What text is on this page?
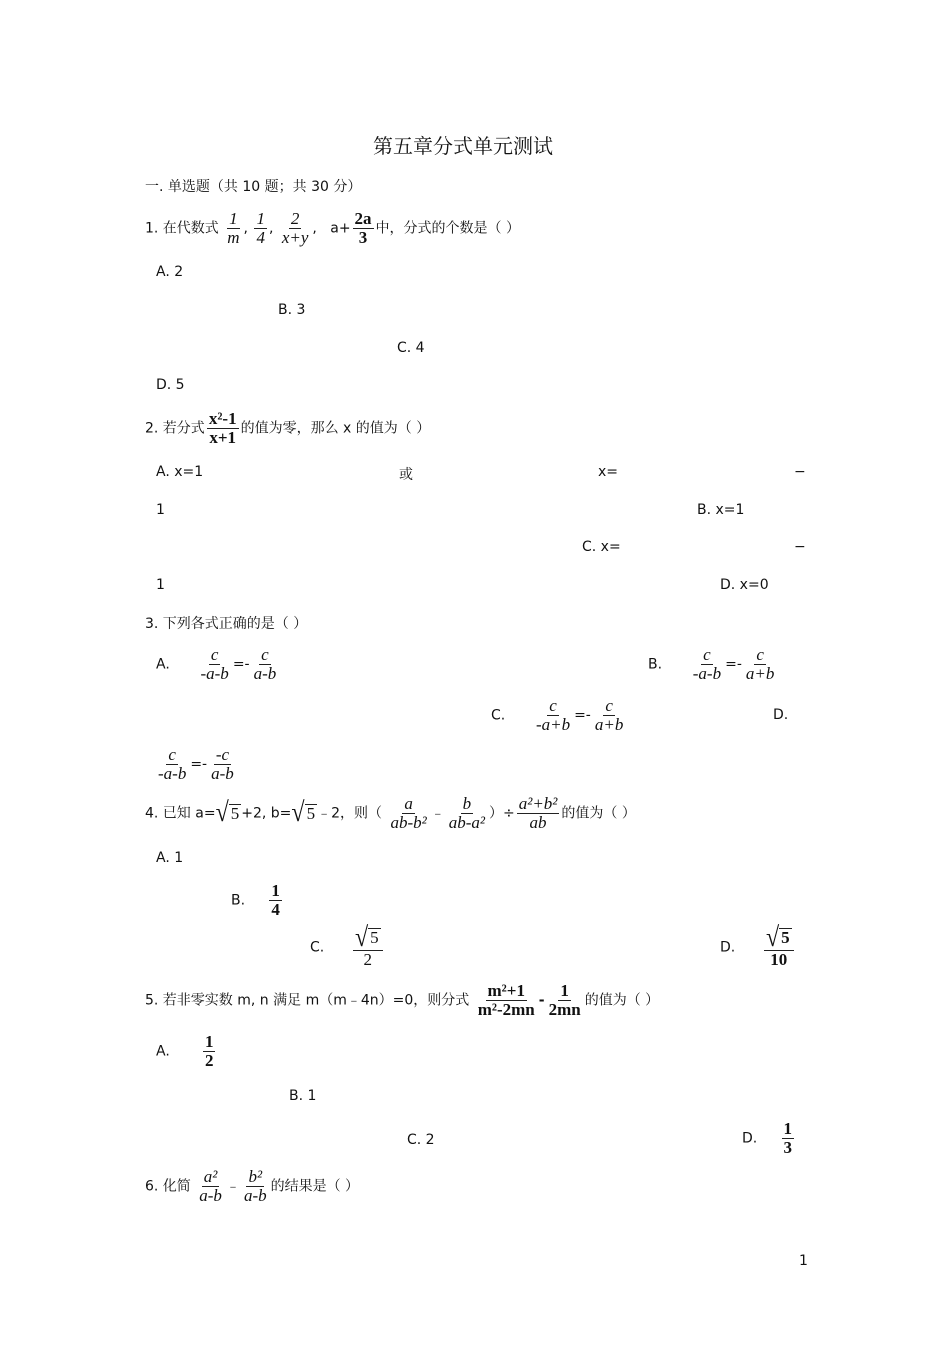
第五章分式单元测试
一. 单选题（共 10 题；共 30 分）
1. 在代数式 $\frac{1}{m}$ , $\frac{1}{4}$ , $\frac{2}{x+y}$ ,   $a+ \frac{2a}{3}$ 中，分式的个数是（ ）
A. 2
B. 3
C. 4
D. 5
2. 若分式 $\frac{\text{x²-1}}{x+1}$ 的值为零，那么 x 的值为（ ）
A. x=1	或	x=	−
1	B. x=1
C. x=	−
1	D. x=0
3. 下列各式正确的是（ ）
A. $\frac{c}{-a-b} =- \frac{c}{a-b}$	B. $\frac{c}{-a-b} =- \frac{c}{a+b}$
C. $\frac{c}{-a+b} =- \frac{c}{a+b}$	D.
$\frac{c}{-a-b} =- \frac{-c}{a-b}$
4. 已知 a= √ 5 +2, b= √ 5 ﹣2，则（ $\frac{a}{\text{ab-b²}}$ ﹣ $\frac{b}{\text{ab-a²}}$ ）÷ $\frac{\text{a²+b²}}{ab}$ 的值为（ ）
A. 1
B. $\frac{1}{4}$
C. $\frac{√ 5}{2}$	D. $\frac{√ 5}{10}$
5. 若非零实数 m, n 满足 m（m﹣4n）=0，则分式 $\frac{\text{m²+1}}{\text{m²-2mn}} - \frac{1}{2mn}$ 的值为（ ）
A. $\frac{1}{2}$
B. 1
C. 2	D. $\frac{1}{3}$
6. 化简 $\frac{\text{a²}}{a-b}$ ﹣ $\frac{\text{b²}}{a-b}$ 的结果是（ ）
1
